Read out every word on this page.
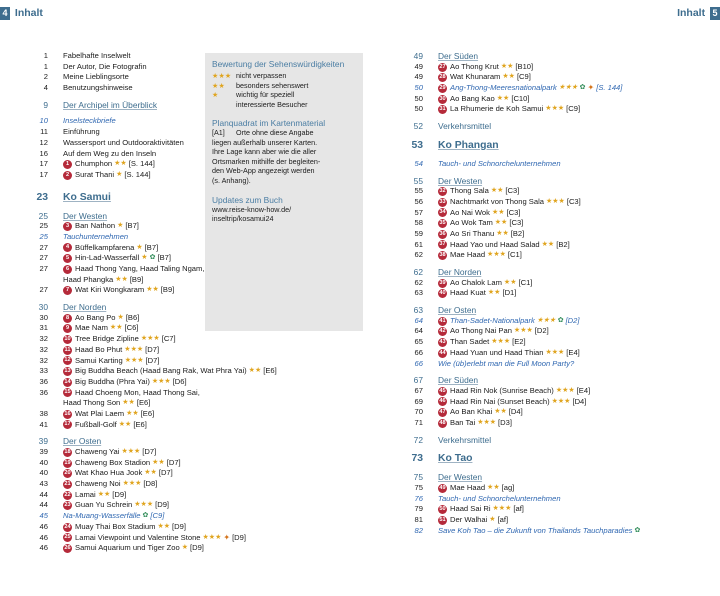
4 Inhalt	Inhalt 5
1 Fabelhafte Inselwelt
1 Der Autor, Die Fotografin
2 Meine Lieblingsorte
4 Benutzungshinweise
9 Der Archipel im Überblick
10 Inselsteckbriefe
11 Einführung
12 Wassersport und Outdooraktivitäten
16 Auf dem Weg zu den Inseln
17	1 Chumphon ★★ [S. 144]
17	2 Surat Thani ★ [S. 144]
23 Ko Samui
25 Der Westen
25	3 Ban Nathon ★ [B7]
25 Tauchunternehmen
27	4 Büffelkampfarena ★ [B7]
27	5 Hin-Lad-Wasserfall ★ ✿ [B7]
27	6 Haad Thong Yang, Haad Taling Ngam,
Haad Phangka ★★ [B9]
27	7 Wat Kiri Wongkaram ★★ [B9]
30 Der Norden
30	8 Ao Bang Po ★ [B6]
31	9 Mae Nam ★★ [C6]
32	10 Tree Bridge Zipline ★★★ [C7]
32	11 Haad Bo Phut ★★★ [D7]
32	12 Samui Karting ★★★ [D7]
33	13 Big Buddha Beach (Haad Bang Rak, Wat Phra Yai) ★★ [E6]
36	14 Big Buddha (Phra Yai) ★★★ [D6]
36	15 Haad Choeng Mon, Haad Thong Sai,
Haad Thong Son ★★ [E6]
38	16 Wat Plai Laem ★★ [E6]
41	17 Fußball-Golf ★★ [E6]
39 Der Osten
39	18 Chaweng Yai ★★★ [D7]
40	19 Chaweng Box Stadion ★★ [D7]
40	20 Wat Khao Hua Jook ★★ [D7]
43	21 Chaweng Noi ★★★ [D8]
44	22 Lamai ★★ [D9]
44	23 Guan Yu Schrein ★★★ [D9]
45 Na-Muang-Wasserfälle ✿ [C9]
46	24 Muay Thai Box Stadium ★★ [D9]
46	25 Lamai Viewpoint und Valentine Stone ★★★ ✦ [D9]
46	26 Samui Aquarium und Tiger Zoo ★ [D9]
49 Der Süden
49	27 Ao Thong Krut ★★ [B10]
49	28 Wat Khunaram ★★ [C9]
50	29 Ang-Thong-Meeresnationalpark ★★★ ✿ ✦ [S. 144]
50	30 Ao Bang Kao ★★ [C10]
50	31 La Rhumerie de Koh Samui ★★★ [C9]
52 Verkehrsmittel
53 Ko Phangan
54 Tauch- und Schnorchelunternehmen
55 Der Westen
55	32 Thong Sala ★★ [C3]
56	33 Nachtmarkt von Thong Sala ★★★ [C3]
57	34 Ao Nai Wok ★★ [C3]
58	35 Ao Wok Tam ★★ [C3]
59	36 Ao Sri Thanu ★★ [B2]
61	37 Haad Yao und Haad Salad ★★ [B2]
62	38 Mae Haad ★★★ [C1]
62 Der Norden
62	39 Ao Chalok Lam ★★ [C1]
63	40 Haad Kuat ★★ [D1]
63 Der Osten
64	41 Than-Sadet-Nationalpark ★★★ ✿ [D2]
64	42 Ao Thong Nai Pan ★★★ [D2]
65	43 Than Sadet ★★★ [E2]
66	44 Haad Yuan und Haad Thian ★★★ [E4]
66 Wie (üb)erlebt man die Full Moon Party?
67 Der Süden
67	45 Haad Rin Nok (Sunrise Beach) ★★★ [E4]
69	46 Haad Rin Nai (Sunset Beach) ★★★ [D4]
70	47 Ao Ban Khai ★★ [D4]
71	48 Ban Tai ★★★ [D3]
72 Verkehrsmittel
73 Ko Tao
75 Der Westen
75	49 Mae Haad ★★ [ag]
76 Tauch- und Schnorchelunternehmen
79	50 Haad Sai Ri ★★★ [af]
81	51 Der Walhai ★ [af]
82 Save Koh Tao – die Zukunft von Thailands Tauchparadies ✿
Bewertung der Sehenswürdigkeiten
★★★ nicht verpassen
★★	besonders sehenswert
★	wichtig für speziell
interessierte Besucher
Planquadrat im Kartenmaterial
[A1]	Orte ohne diese Angabe
liegen außerhalb unserer Karten.
Ihre Lage kann aber wie die aller
Ortsmarken mithilfe der begleiten-
den Web-App angezeigt werden
(s. Anhang).
Updates zum Buch
www.reise-know-how.de/
inseltrip/kosamui24
